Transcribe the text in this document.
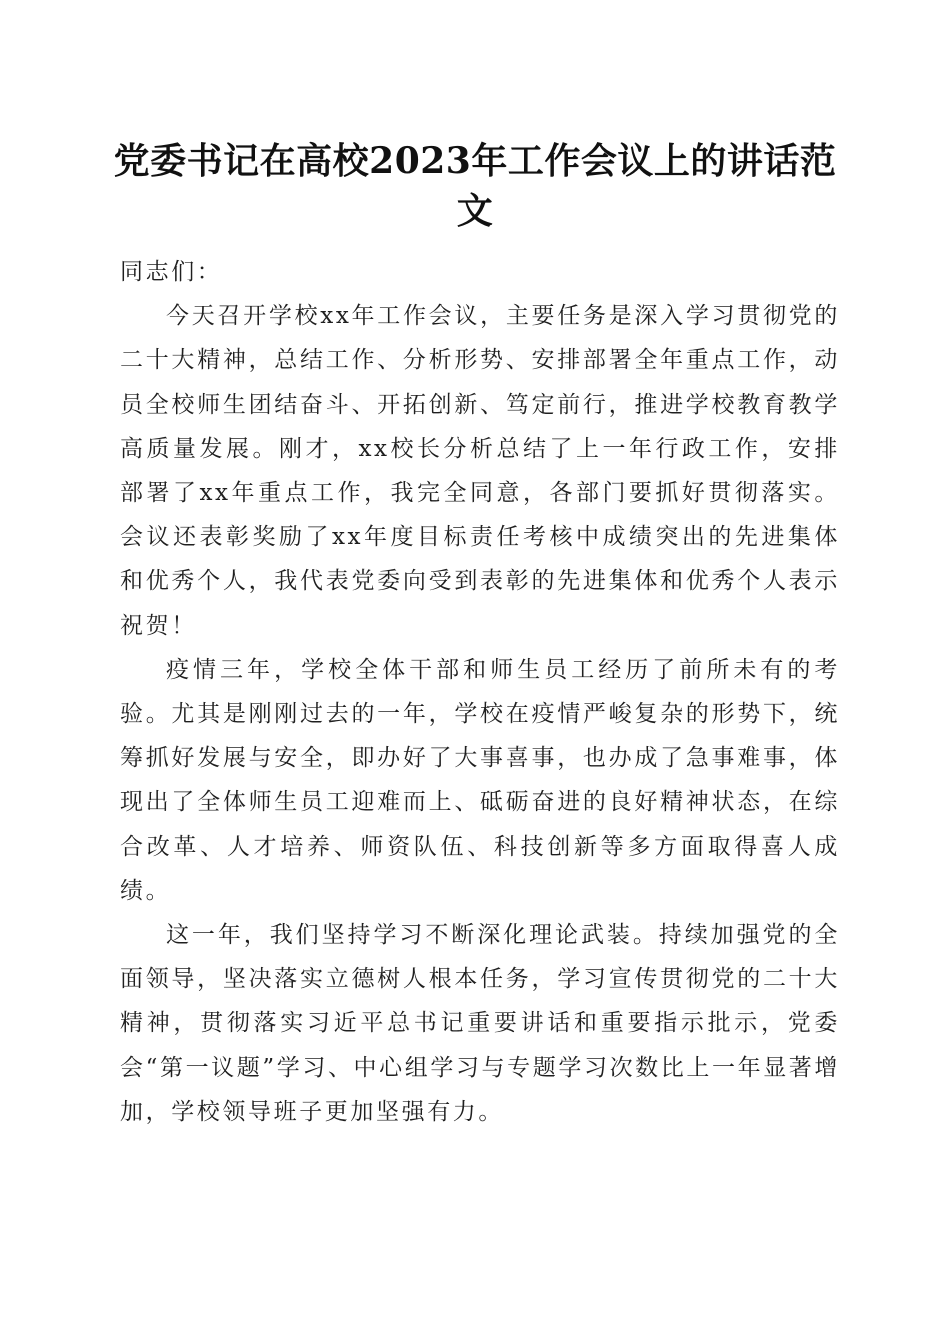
党委书记在高校2023年工作会议上的讲话范文

同志们：

今天召开学校xx年工作会议，主要任务是深入学习贯彻党的二十大精神，总结工作、分析形势、安排部署全年重点工作，动员全校师生团结奋斗、开拓创新、笃定前行，推进学校教育教学高质量发展。刚才，xx校长分析总结了上一年行政工作，安排部署了xx年重点工作，我完全同意，各部门要抓好贯彻落实。会议还表彰奖励了xx年度目标责任考核中成绩突出的先进集体和优秀个人，我代表党委向受到表彰的先进集体和优秀个人表示祝贺！

疫情三年，学校全体干部和师生员工经历了前所未有的考验。尤其是刚刚过去的一年，学校在疫情严峻复杂的形势下，统筹抓好发展与安全，即办好了大事喜事，也办成了急事难事，体现出了全体师生员工迎难而上、砥砺奋进的良好精神状态，在综合改革、人才培养、师资队伍、科技创新等多方面取得喜人成绩。

这一年，我们坚持学习不断深化理论武装。持续加强党的全面领导，坚决落实立德树人根本任务，学习宣传贯彻党的二十大精神，贯彻落实习近平总书记重要讲话和重要指示批示，党委会“第一议题”学习、中心组学习与专题学习次数比上一年显著增加，学校领导班子更加坚强有力。
